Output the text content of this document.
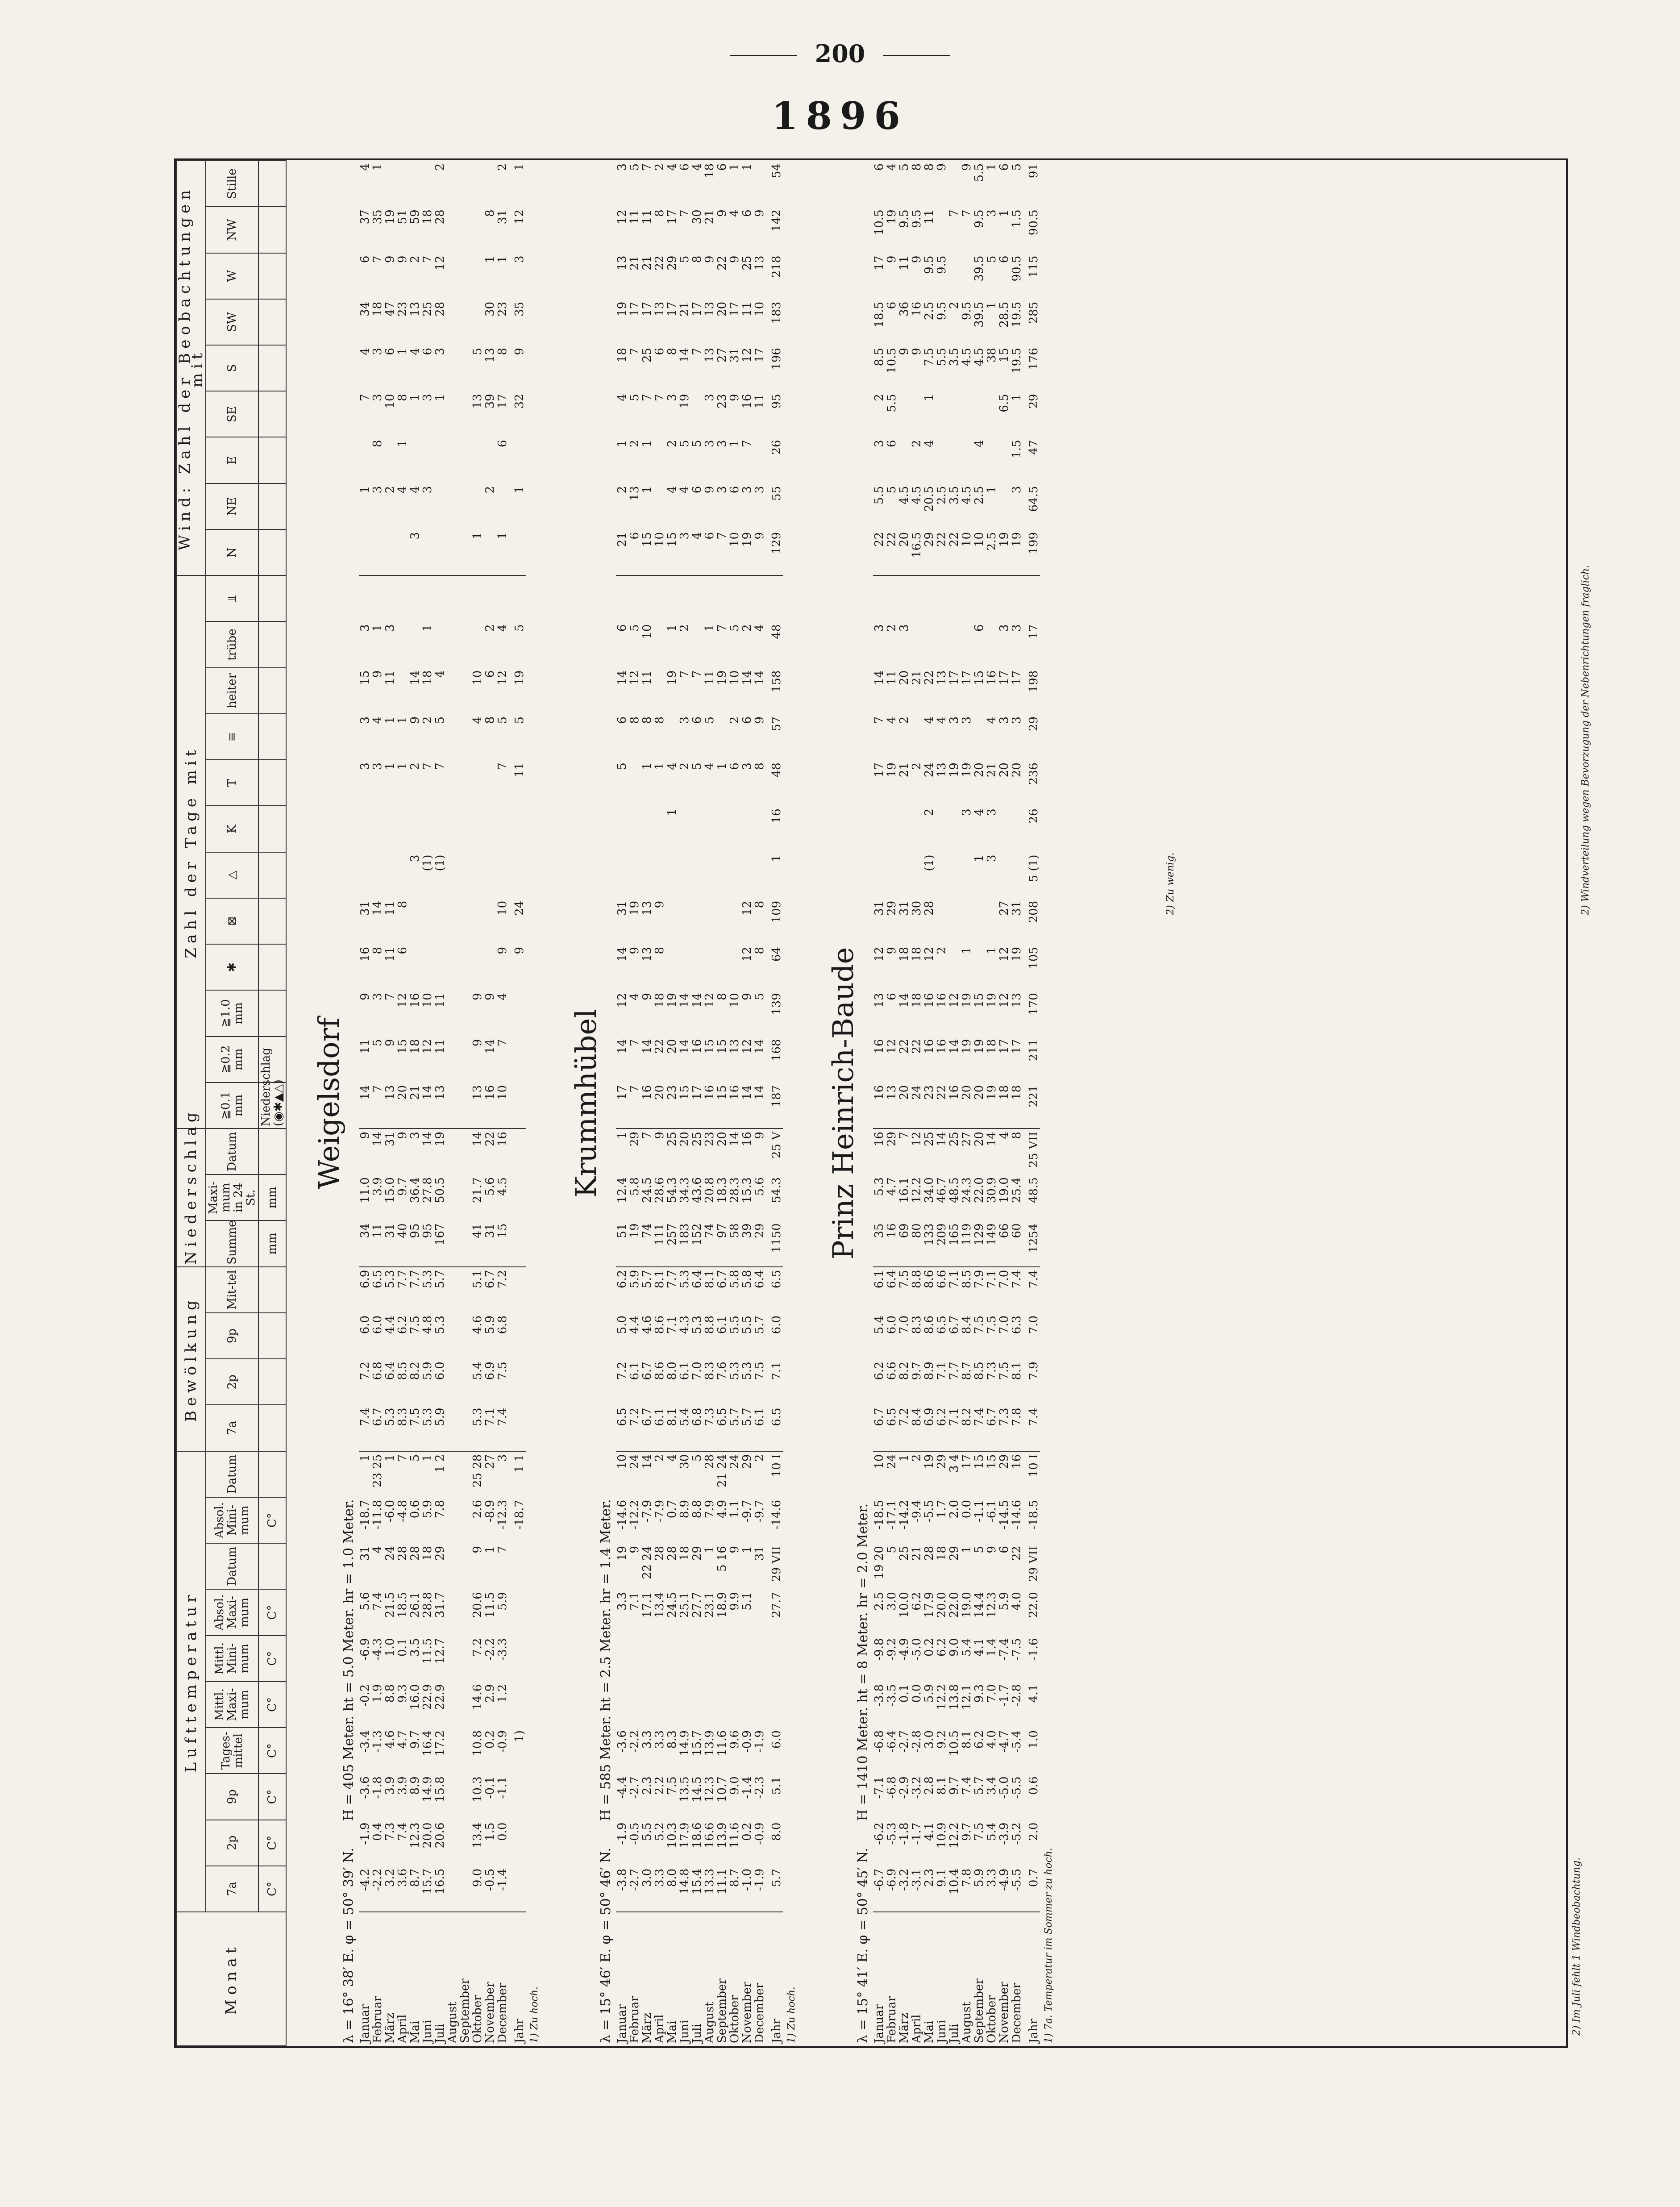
200
1896
Monat	Lufttemperatur										Bewölkung				Niederschlag			Zahl der Tage mit												Wind: Zahl der Beobachtungen mit								
	7a	2p	9p	Tages-mittel	Mittl. Maxi-mum	Mittl. Mini-mum	Absol. Maxi-mum	Datum	Absol. Mini-mum	Datum	7a	2p	9p	Mit-tel	Summe	Maxi-mum in 24 St.	Datum	≧0.1 mm	≧0.2 mm	≧1.0 mm	✱	⊠	△	K	T	≡	heiter	trübe	⫫	N	NE	E	SE	S	SW	W	NW	Stille
	C°	C°	C°	C°	C°	C°	C°		C°						mm	mm		Niederschlag (◉✱▲△)																				
Weigelsdorf																																						
λ = 16° 38′ E. φ = 50° 39′ N.H = 405 Meter. ht = 5.0 Meter. hr = 1.0 Meter.																																						
Januar	-4.2	-1.9	-3.6	-3.4	-0.2	-6.9	5.6	31	-18.7	1	7.4	7.2	6.0	6.9	34	11.0	9	14	11	9	16	31			3	3	15	3			1		7	4	34	6	37	4
Februar	-2.2	0.4	-1.8	-1.3	1.9	-4.3	7.4	4	-11.8	23 25	6.7	6.8	6.0	6.5	11	3.9	14	7	5	3	8	14			3	4	9	1			3	8	3	3	18	7	35	1
März	3.2	7.3	3.9	4.6	8.8	1.0	21.5	24	-6.0	1	5.3	6.4	4.4	5.3	31	15.0	31	13	9	7	11	11			1	1	11	3			2		10	6	47	9	19	
April	3.6	7.4	3.9	4.7	9.3	0.1	18.5	28	-4.8	7	8.3	8.5	6.2	7.7	40	9.7	9	20	15	12	6	8			1	1					4	1	8	1	23	9	51	
Mai	8.7	12.3	8.9	9.7	16.0	3.5	26.1	28	0.6	5	7.5	8.2	7.5	7.7	95	36.4	3	21	18	16			3		2	9	14			3	4		1	4	13	2	59	
Juni	15.7	20.0	14.9	16.4	22.9	11.5	28.8	18	5.9	1	5.3	5.9	4.8	5.3	95	27.8	14	14	12	10			(1)		7	2	18	1			3		3	6	25	7	18	
Juli	16.5	20.6	15.8	17.2	22.9	12.7	31.7	29	7.8	1 2	5.9	6.0	5.3	5.7	167	50.5	19	13	11	11			(1)		7	5	4						1	3	28	12	28	2
August																																						
September																																						
Oktober	9.0	13.4	10.3	10.8	14.6	7.2	20.6	9	2.6	25 28	5.3	5.4	4.6	5.1	41	21.7	14	13	9	9						4	10			1			13	5				
November	-0.5	1.5	-0.1	0.2	2.9	-2.2	11.5	1	-8.9	27	7.1	6.9	5.9	6.7	31	5.6	22	16	14	9						8	6	2			2		39	13	30	1	8	
December	-1.4	0.0	-1.1	-0.9	1.2	-3.3	5.9	7	-12.3	3	7.4	7.5	6.8	7.2	15	4.5	16	10	7	4	9	10			7	5	12	4		1		6	17	8	23	1	31	2
Jahr				1)					-18.7	1 1											9	24			11	5	19	5			1		32	9	35	3	12	1
1) Zu hoch.																																						
Krummhübel																																						
λ = 15° 46′ E. φ = 50° 46′ N.H = 585 Meter. ht = 2.5 Meter. hr = 1.4 Meter.																																						
Januar	-3.8	-1.9	-4.4	-3.6			3.3	19	-14.6	10	6.5	7.2	5.0	6.2	51	12.4	1	17	14	12	14	31			5	6	14	6		21	2	1	4	18	19	13	12	3
Februar	-2.7	-0.5	-2.7	-2.2			7.1	9	-12.2	24	7.2	6.1	4.4	5.9	19	5.8	29	7	7	4	9	19				8	12	5		6	13	2	5	7	17	21	11	5
März	3.0	5.5	2.3	3.3			17.1	22 24	-7.9	14	6.7	6.7	4.6	5.7	74	24.5	7	16	14	9	13	13			1	8	11	10		15	1	1	7	25	17	21	11	7
April	3.3	5.2	2.2	3.3			13.4	28	-7.9	2	6.1	8.6	8.6	8.1	111	28.6	9	20	22	18	8	9			1	8				10			7	6	13	22	8	2
Mai	8.0	10.3	7.5	8.3			24.5	28	0.7	4	8.1	8.0	7.1	7.7	257	54.3	25	23	20	19				1	4		19	1		15	4	2	3	8	17	29	17	4
Juni	14.8	17.9	13.5	14.9			25.1	18	8.9	30	5.4	6.1	4.3	5.3	183	34.3	20	15	14	14					2	3	7	2		3	4	5	19	14	21	5	7	6
Juli	15.4	18.6	14.5	15.7			27.7	29	8.8	5	6.8	7.0	5.3	6.4	152	43.6	25	17	16	14					5	6	7			4	6	5		7	17	8	30	4
August	13.3	16.6	12.3	13.9			23.1	1	7.9	28	7.3	8.3	8.8	8.1	74	20.8	23	16	15	12					4	5	11	1		6	9	3	3	13	13	9	21	18
September	11.1	13.9	10.7	11.6			18.9	5 16	4.9	21 24	6.5	7.6	6.1	6.7	97	18.3	20	15	15	8					1		19	7		7	3	3	23	27	20	22	9	6
Oktober	8.7	11.6	9.0	9.6			9.9	9	1.1	24	5.7	5.3	5.5	5.8	58	28.3	14	16	13	10					6	2	10	5		10	6	1	9	31	17	9	4	1
November	-1.0	0.2	-1.4	-0.9			5.1	1	-9.7	29	5.7	5.3	5.5	5.8	39	15.3	16	14	12	9	12	12			3	6	14	2		19	3	7	16	12	11	25	6	1
December	-1.9	-0.9	-2.3	-1.9				31	-9.7	2	6.1	7.5	5.7	6.4	29	5.6	9	14	14	5	8	8			8	9	14	4		9	3		11	17	10	13	9	
Jahr	5.7	8.0	5.1	6.0			27.7	29 VII	-14.6	10 I	6.5	7.1	6.0	6.5	1150	54.3	25 V	187	168	139	64	109	1	16	48	57	158	48		129	55	26	95	196	183	218	142	54
1) Zu hoch.																																						
Prinz Heinrich-Baude																																						
λ = 15° 41′ E. φ = 50° 45′ N.H = 1410 Meter. ht = 8 Meter. hr = 2.0 Meter.																																						
Januar	-6.7	-6.2	-7.1	-6.8	-3.8	-9.8	2.5	19 20	-18.5	10	6.7	6.2	5.4	6.1	35	5.3	16	16	16	13	12	31			17	7	14	3		22	5.5	3	2	8.5	18.5	17	10.5	6
Februar	-6.9	-5.3	-6.8	-6.4	-3.5	-9.2	3.0	5	-17.1	24	6.5	6.6	6.0	6.4	16	4.7	29	13	12	6	9	29			19	4	11	2		22	5	6	5.5	10.5	6	9	19	4
März	-3.2	-1.8	-2.9	-2.7	0.1	-4.9	10.0	25	-14.2	1	7.2	8.2	7.0	7.5	69	16.1	7	20	22	14	18	31			21	2	20	3		20	4.5			9	36	11	9.5	5
April	-3.1	-1.7	-3.2	-2.8	0.0	-5.0	6.2	21	-9.4	2	8.4	9.7	8.3	8.8	80	12.2	12	24	22	18	18	30			2		21			16.5	4.5	2		9	16	9	9.5	8
Mai	2.3	4.1	2.8	3.0	5.9	0.2	17.9	28	-5.5	19	6.9	8.9	8.6	8.6	133	34.0	25	23	16	16	12	28	(1)	2	24	4	22			29	20.5	4	1	7.5	2.5	9.5	11	8
Juni	9.1	10.9	8.1	9.2	12.2	6.2	20.0	18	1.7	29	6.2	7.1	6.5	6.6	209	46.7	14	22	16	16	2				13	4	13			22	2.5			5.5	9.5	9.5		9
Juli	10.4	12.2	9.7	10.5	13.8	9.0	22.0	29	2.0	3 4	7.1	7.7	6.7	7.1	165	48.5	25	16	14	12					19	3	17			22	3.5			3.5	2		7	
August	7.8	9.7	7.4	8.1	12.1	5.4	19.0	1	0.0	17	8.2	8.7	8.4	8.5	119	24.3	27	20	19	19	1			3	19	3	17			10	4.5			4.5	9.5		7	9
September	5.9	7.5	5.7	6.2	9.3	4.1	14.4	5	-1.1	15	7.4	8.5	7.5	7.9	129	22.0	20	20	19	15			1	4	20		15	6		10	2.5	4		4.5	39.5	39.5	9.5	5.5
Oktober	3.3	5.4	3.4	4.0	7.0	1.4	12.3	9	-6.1	15	6.7	7.3	7.5	7.1	149	30.9	14	19	18	19	1		3	3	21	4	16			2.5	1			38	1	5	3	1
November	-4.9	-3.9	-5.0	-4.7	-1.7	-7.4	5.9	6	-14.5	29	7.3	7.5	7.0	7.0	66	19.0	4	18	17	12	12	27			20	3	17	3		19			6.5	15	28.5	6	1	6
December	-5.5	-5.2	-5.5	-5.4	-2.8	-7.5	4.0	22	-14.6	16	7.8	8.1	6.3	7.4	60	25.4	8	18	17	13	19	31			20	3	17	3		19	3	1.5	1	19.5	19.5	90.5	1.5	5
Jahr	0.7	2.0	0.6	1.0	4.1	-1.6	22.0	29 VII	-18.5	10 I	7.4	7.9	7.0	7.4	1254	48.5	25 VII	221	211	170	105	208	5 (1)	26	236	29	198	17		199	64.5	47	29	176	285	115	90.5	91
1) 7a. Temperatur im Sommer zu hoch.																																						
2) Windverteilung wegen Bevorzugung der Nebenrichtungen fraglich.
2) Zu wenig.
2) Im Juli fehlt 1 Windbeobachtung.
